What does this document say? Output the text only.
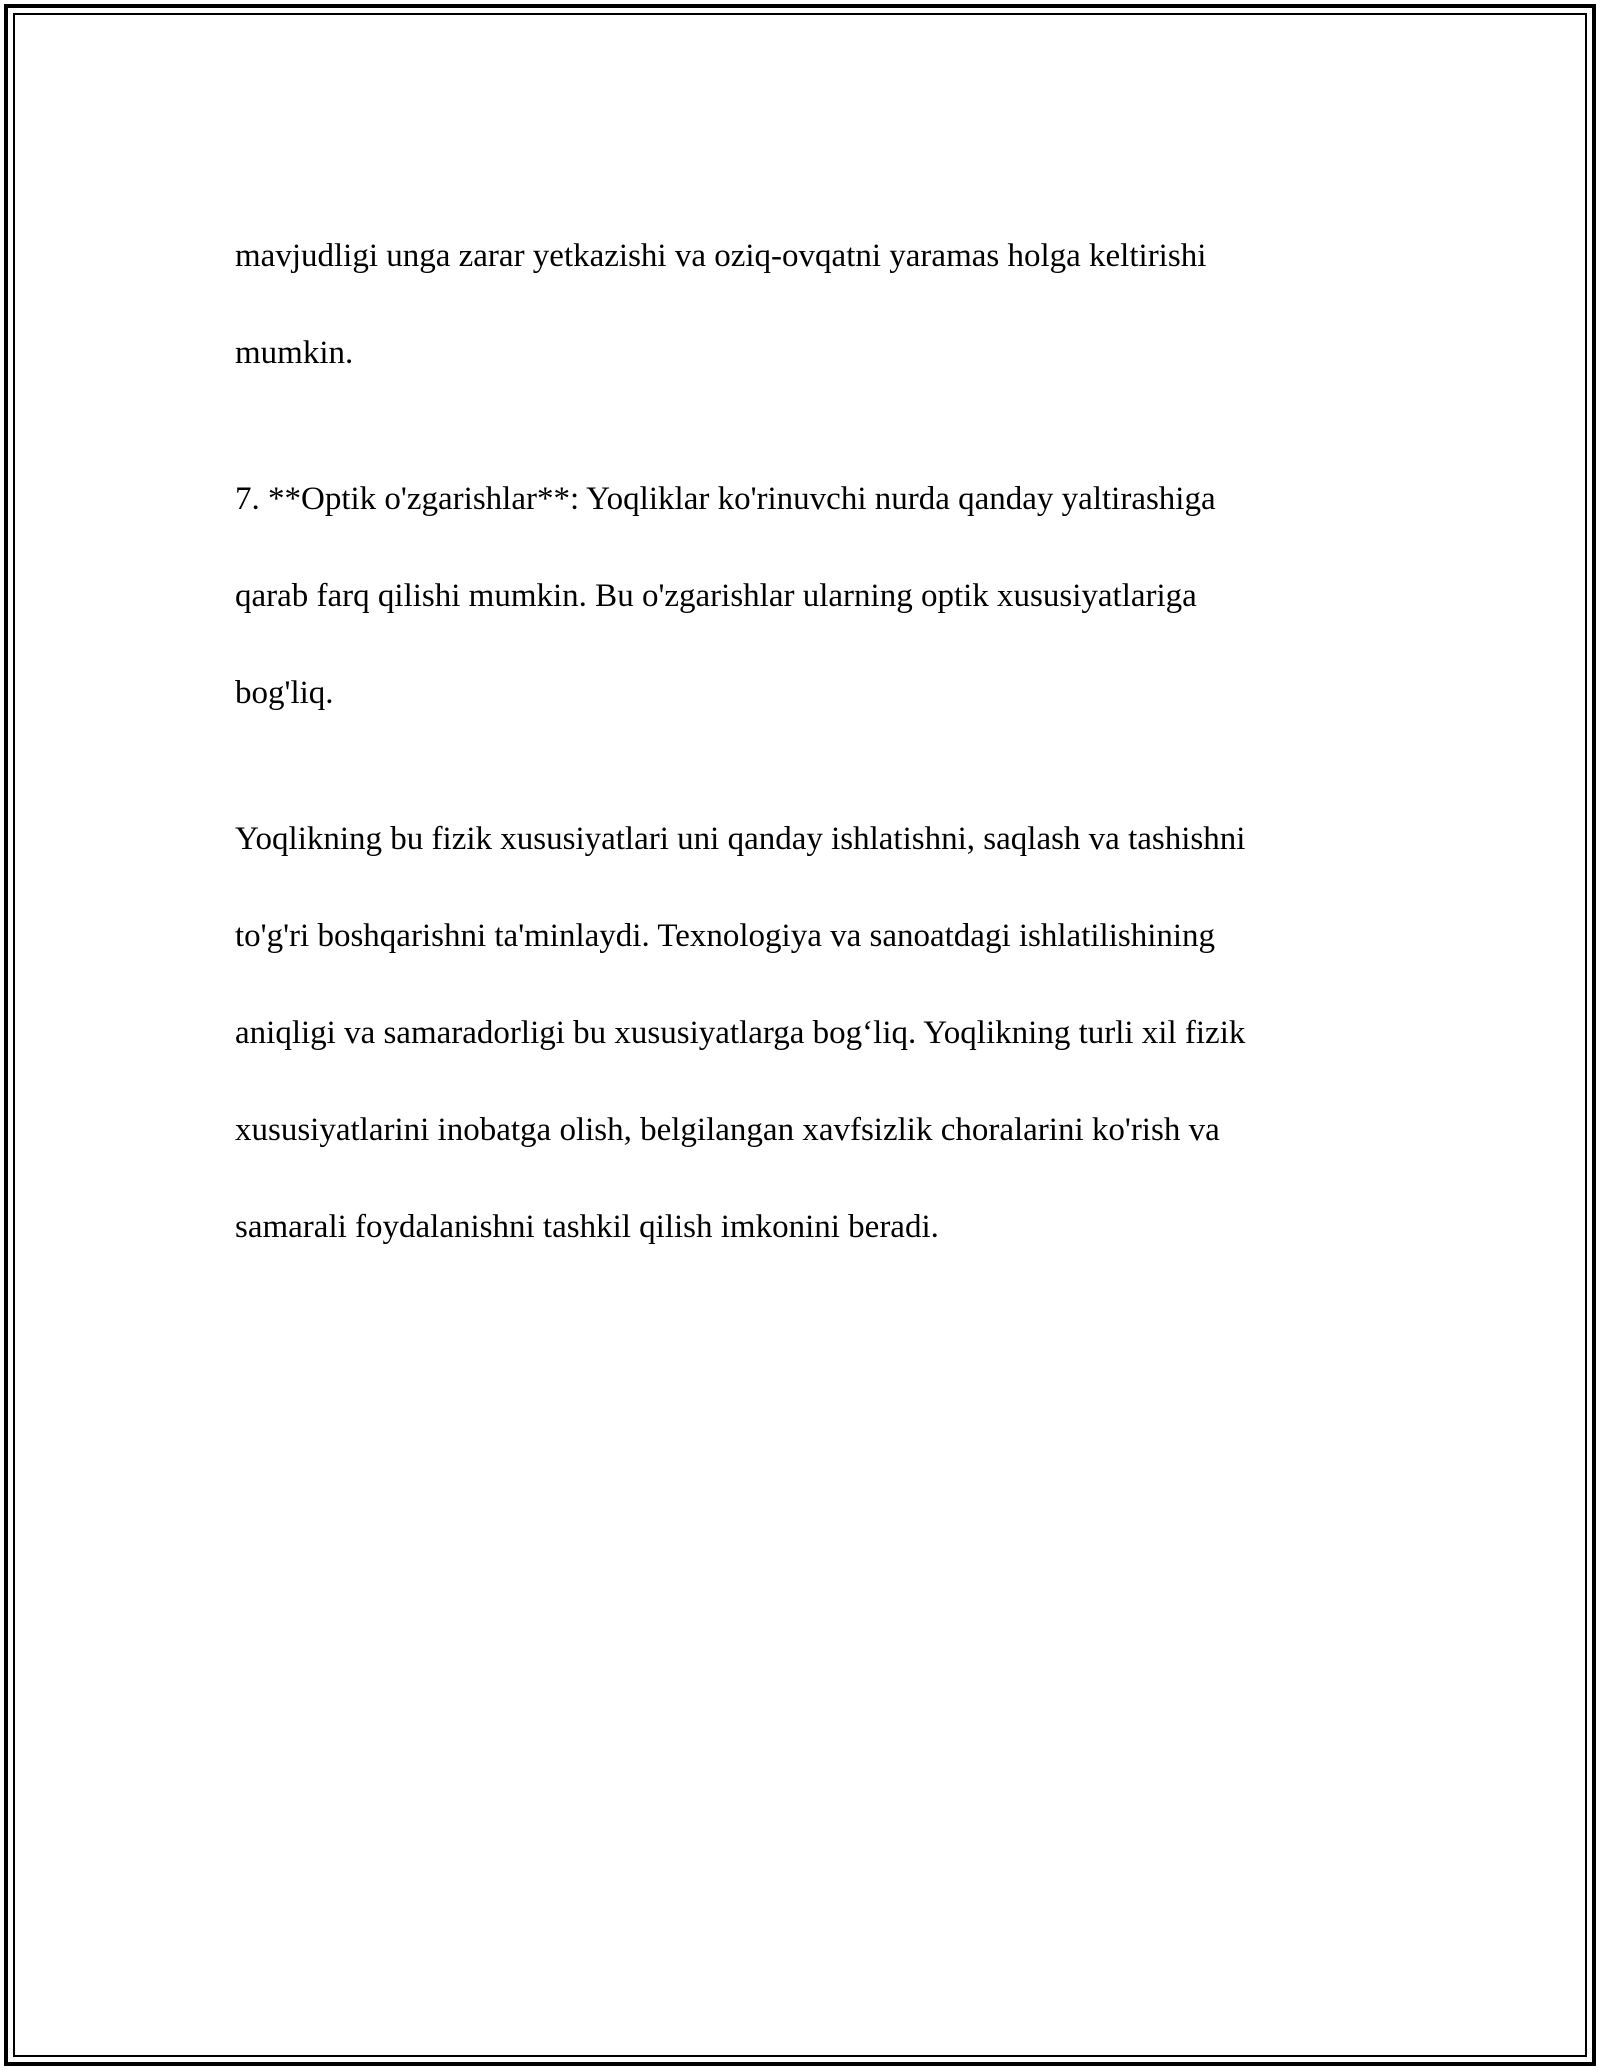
mavjudligi unga zarar yetkazishi va oziq-ovqatni yaramas holga keltirishi

mumkin.

7. **Optik o'zgarishlar**: Yoqliklar ko'rinuvchi nurda qanday yaltirashiga

qarab farq qilishi mumkin. Bu o'zgarishlar ularning optik xususiyatlariga

bog'liq.

Yoqlikning bu fizik xususiyatlari uni qanday ishlatishni, saqlash va tashishni

to'g'ri boshqarishni ta'minlaydi. Texnologiya va sanoatdagi ishlatilishining

aniqligi va samaradorligi bu xususiyatlarga bog‘liq. Yoqlikning turli xil fizik

xususiyatlarini inobatga olish, belgilangan xavfsizlik choralarini ko'rish va

samarali foydalanishni tashkil qilish imkonini beradi.
